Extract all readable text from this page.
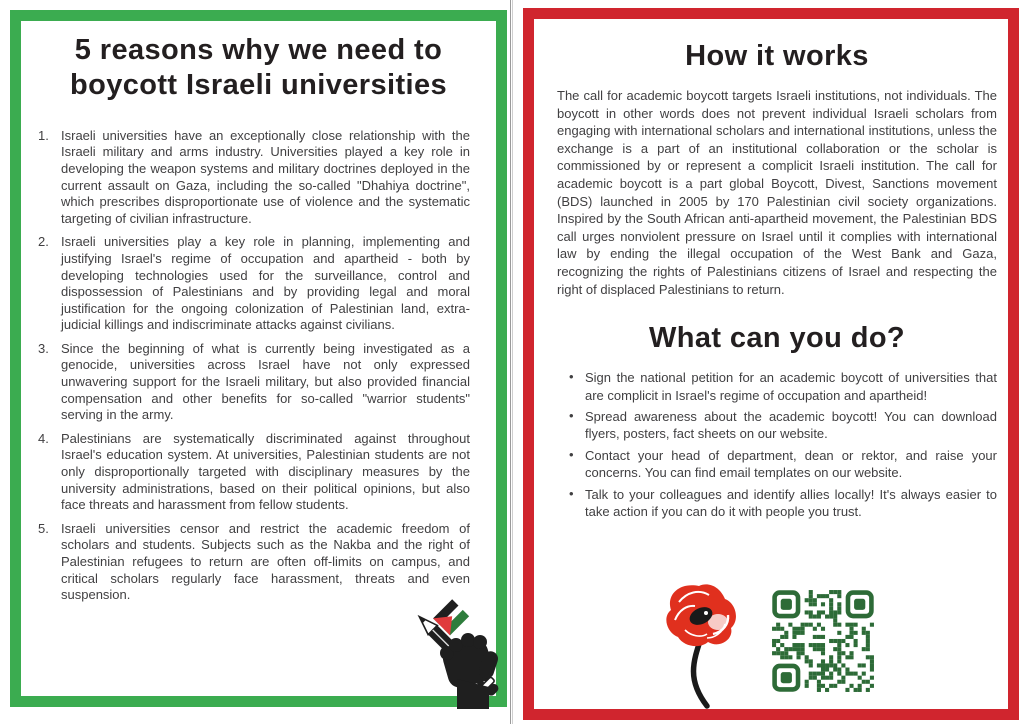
5 reasons why we need to boycott Israeli universities
1. Israeli universities have an exceptionally close relationship with the Israeli military and arms industry. Universities played a key role in developing the weapon systems and military doctrines deployed in the current assault on Gaza, including the so-called "Dhahiya doctrine", which prescribes disproportionate use of violence and the systematic targeting of civilian infrastructure.
2. Israeli universities play a key role in planning, implementing and justifying Israel's regime of occupation and apartheid - both by developing technologies used for the surveillance, control and dispossession of Palestinians and by providing legal and moral justification for the ongoing colonization of Palestinian land, extra-judicial killings and indiscriminate attacks against civilians.
3. Since the beginning of what is currently being investigated as a genocide, universities across Israel have not only expressed unwavering support for the Israeli military, but also provided financial compensation and other benefits for so-called "warrior students" serving in the army.
4. Palestinians are systematically discriminated against throughout Israel's education system. At universities, Palestinian students are not only disproportionally targeted with disciplinary measures by the university administrations, based on their political opinions, but also face threats and harassment from fellow students.
5. Israeli universities censor and restrict the academic freedom of scholars and students. Subjects such as the Nakba and the right of Palestinian refugees to return are often off-limits on campus, and critical scholars regularly face harassment, threats and even suspension.
How it works

The call for academic boycott targets Israeli institutions, not individuals. The boycott in other words does not prevent individual Israeli scholars from engaging with international scholars and international institutions, unless the exchange is a part of an institutional collaboration or the scholar is commissioned by or represent a complicit Israeli institution. The call for academic boycott is a part global Boycott, Divest, Sanctions movement (BDS) launched in 2005 by 170 Palestinian civil society organizations. Inspired by the South African anti-apartheid movement, the Palestinian BDS call urges nonviolent pressure on Israel until it complies with international law by ending the illegal occupation of the West Bank and Gaza, recognizing the rights of Palestinians citizens of Israel and respecting the right of displaced Palestinians to return.

What can you do?
• Sign the national petition for an academic boycott of universities that are complicit in Israel's regime of occupation and apartheid!
• Spread awareness about the academic boycott! You can download flyers, posters, fact sheets on our website.
• Contact your head of department, dean or rektor, and raise your concerns. You can find email templates on our website.
• Talk to your colleagues and identify allies locally! It's always easier to take action if you can do it with people you trust.
